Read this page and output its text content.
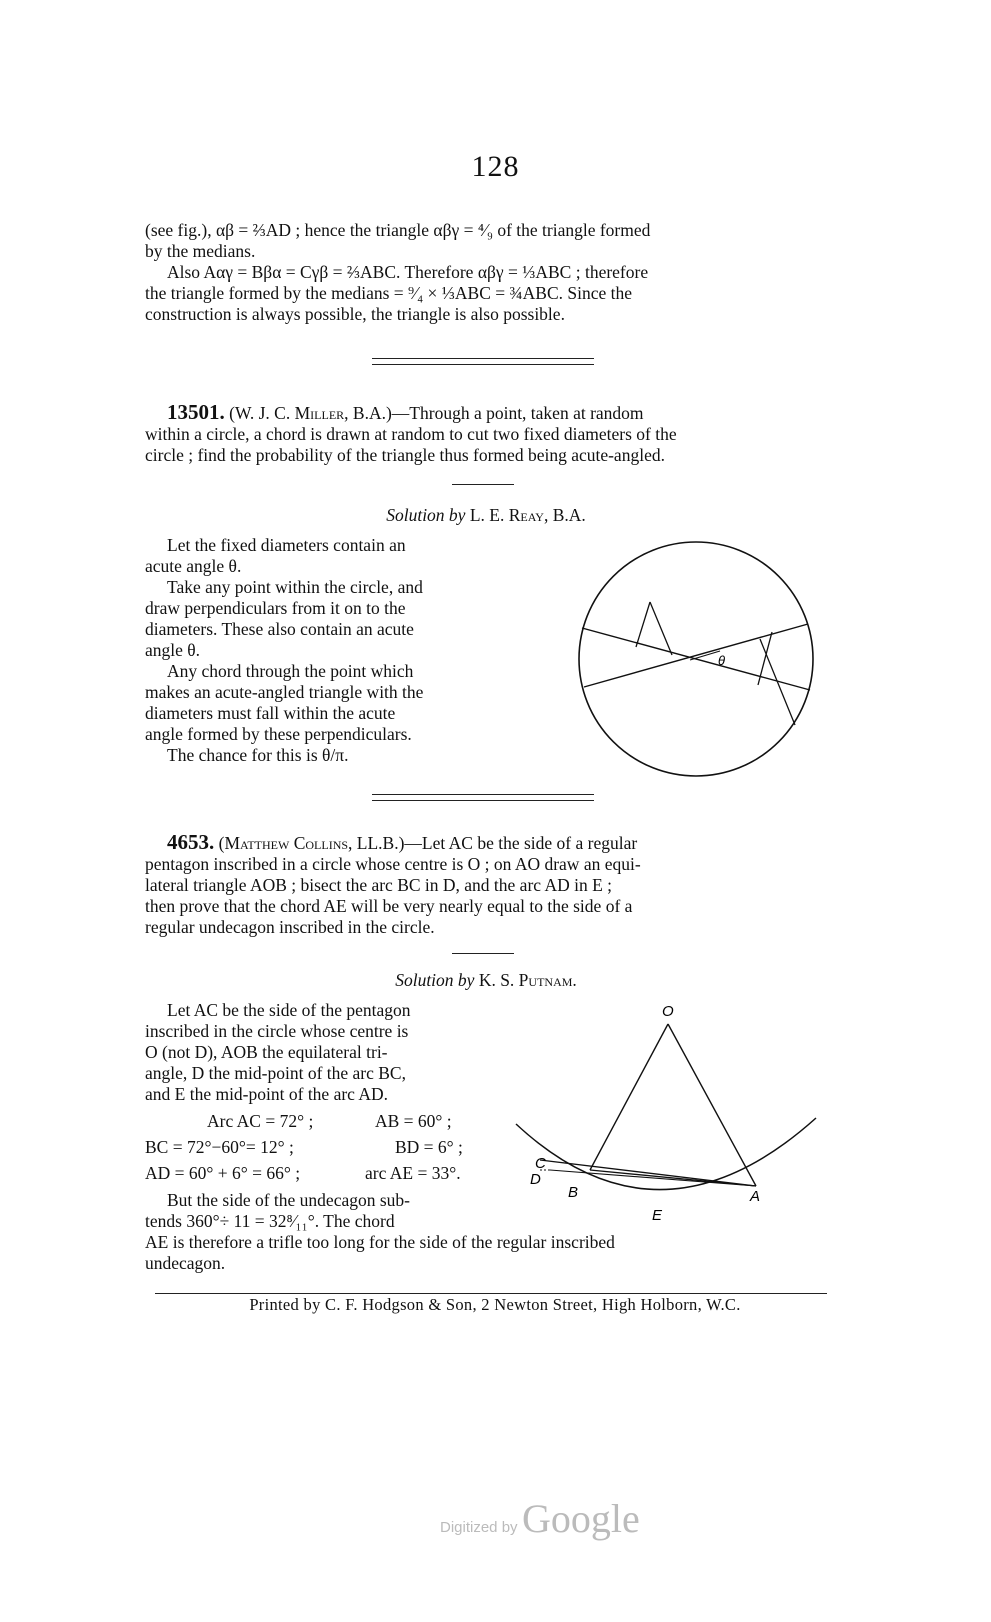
128

(see fig.), αβ = ⅔AD ; hence the triangle αβγ = ⁴⁄₉ of the triangle formed

by the medians.

Also Aαγ = Bβα = Cγβ = ⅔ABC. Therefore αβγ = ⅓ABC ; therefore

the triangle formed by the medians = ⁹⁄₄ × ⅓ABC = ¾ABC. Since the

construction is always possible, the triangle is also possible.

13501. (W. J. C. Miller, B.A.)—Through a point, taken at random

within a circle, a chord is drawn at random to cut two fixed diameters of the

circle ; find the probability of the triangle thus formed being acute-angled.

Solution by L. E. Reay, B.A.

Let the fixed diameters contain an

acute angle θ.

Take any point within the circle, and

draw perpendiculars from it on to the

diameters. These also contain an acute

angle θ.

Any chord through the point which

makes an acute-angled triangle with the

diameters must fall within the acute

angle formed by these perpendiculars.

The chance for this is θ/π.

θ

4653. (Matthew Collins, LL.B.)—Let AC be the side of a regular

pentagon inscribed in a circle whose centre is O ; on AO draw an equi-

lateral triangle AOB ; bisect the arc BC in D, and the arc AD in E ;

then prove that the chord AE will be very nearly equal to the side of a

regular undecagon inscribed in the circle.

Solution by K. S. Putnam.

Let AC be the side of the pentagon

inscribed in the circle whose centre is

O (not D), AOB the equilateral tri-

angle, D the mid-point of the arc BC,

and E the mid-point of the arc AD.

Arc AC = 72° ;	AB = 60° ;
BC = 72°−60°= 12° ;	BD = 6° ;
AD = 60° + 6° = 66° ;	arc AE = 33°.

But the side of the undecagon sub-

tends 360°÷ 11 = 32⁸⁄₁₁°. The chord

AE is therefore a trifle too long for the side of the regular inscribed

undecagon.

O
C
D
B	A
E
Printed by C. F. Hodgson & Son, 2 Newton Street, High Holborn, W.C.
Digitized by Google
